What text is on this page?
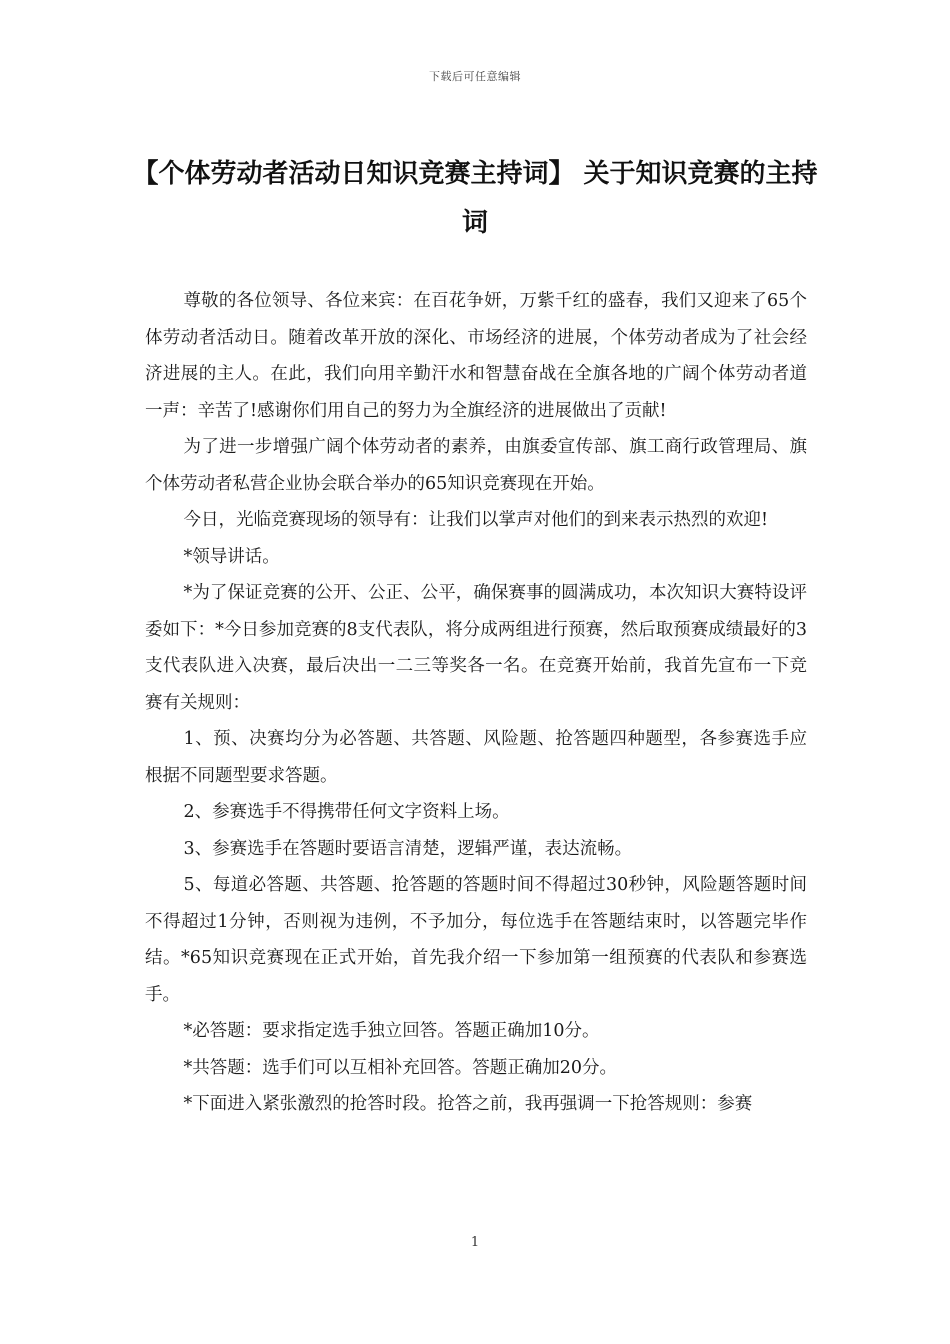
下载后可任意编辑
【个体劳动者活动日知识竞赛主持词】 关于知识竞赛的主持词

尊敬的各位领导、各位来宾：在百花争妍，万紫千红的盛春，我们又迎来了65个体劳动者活动日。随着改革开放的深化、市场经济的进展，个体劳动者成为了社会经济进展的主人。在此，我们向用辛勤汗水和智慧奋战在全旗各地的广阔个体劳动者道一声：辛苦了!感谢你们用自己的努力为全旗经济的进展做出了贡献!

为了进一步增强广阔个体劳动者的素养，由旗委宣传部、旗工商行政管理局、旗个体劳动者私营企业协会联合举办的65知识竞赛现在开始。

今日，光临竞赛现场的领导有：让我们以掌声对他们的到来表示热烈的欢迎!

*领导讲话。

*为了保证竞赛的公开、公正、公平，确保赛事的圆满成功，本次知识大赛特设评委如下：*今日参加竞赛的8支代表队，将分成两组进行预赛，然后取预赛成绩最好的3支代表队进入决赛，最后决出一二三等奖各一名。在竞赛开始前，我首先宣布一下竞赛有关规则：

1、预、决赛均分为必答题、共答题、风险题、抢答题四种题型，各参赛选手应根据不同题型要求答题。

2、参赛选手不得携带任何文字资料上场。

3、参赛选手在答题时要语言清楚，逻辑严谨，表达流畅。

5、每道必答题、共答题、抢答题的答题时间不得超过30秒钟，风险题答题时间不得超过1分钟，否则视为违例，不予加分，每位选手在答题结束时，以答题完毕作结。*65知识竞赛现在正式开始，首先我介绍一下参加第一组预赛的代表队和参赛选手。

*必答题：要求指定选手独立回答。答题正确加10分。

*共答题：选手们可以互相补充回答。答题正确加20分。

*下面进入紧张激烈的抢答时段。抢答之前，我再强调一下抢答规则：参赛

1
